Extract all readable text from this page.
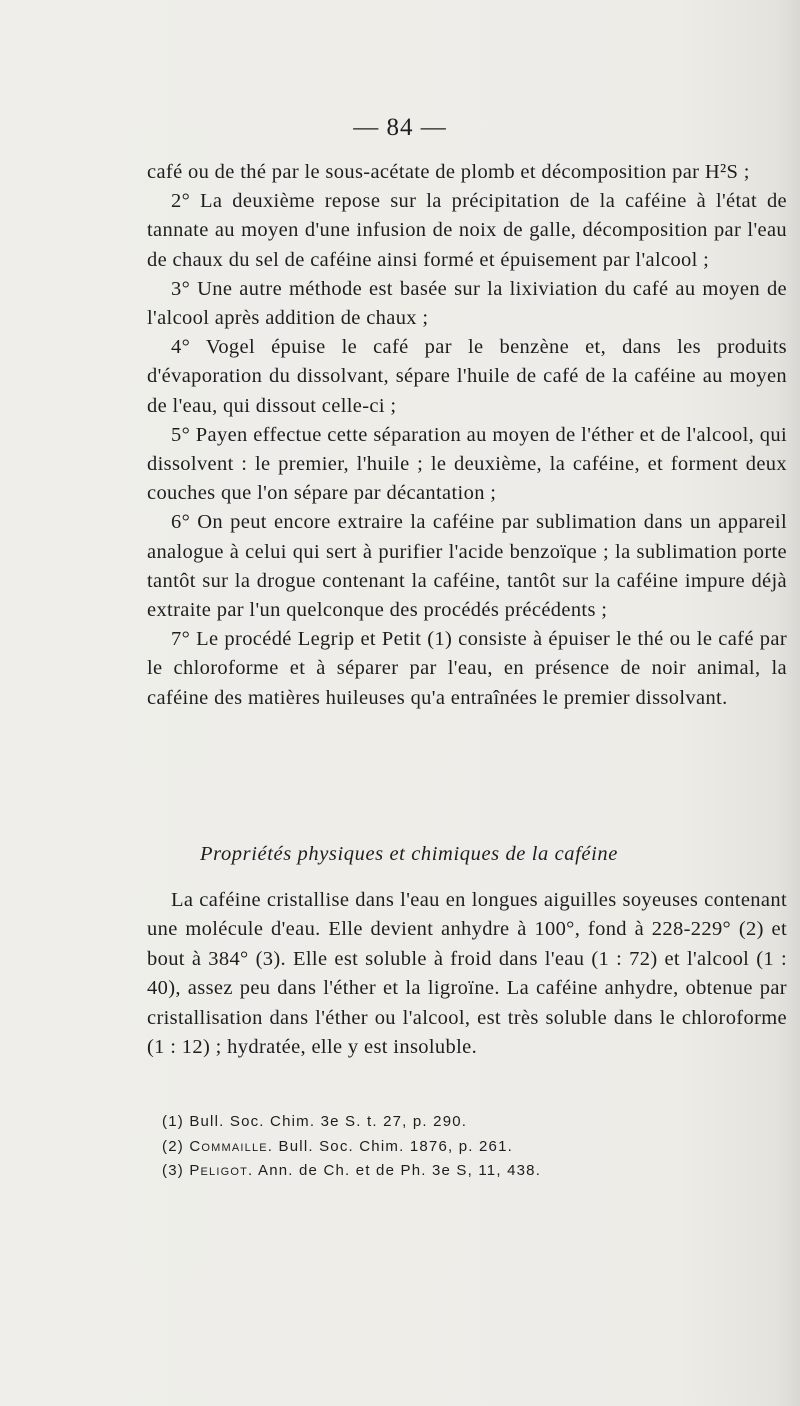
— 84 —

café ou de thé par le sous-acétate de plomb et décomposition par H²S ;

2° La deuxième repose sur la précipitation de la caféine à l'état de tannate au moyen d'une infusion de noix de galle, décomposition par l'eau de chaux du sel de caféine ainsi formé et épuisement par l'alcool ;

3° Une autre méthode est basée sur la lixiviation du café au moyen de l'alcool après addition de chaux ;

4° Vogel épuise le café par le benzène et, dans les produits d'évaporation du dissolvant, sépare l'huile de café de la caféine au moyen de l'eau, qui dissout celle-ci ;

5° Payen effectue cette séparation au moyen de l'éther et de l'alcool, qui dissolvent : le premier, l'huile ; le deuxième, la caféine, et forment deux couches que l'on sépare par décantation ;

6° On peut encore extraire la caféine par sublimation dans un appareil analogue à celui qui sert à purifier l'acide benzoïque ; la sublimation porte tantôt sur la drogue contenant la caféine, tantôt sur la caféine impure déjà extraite par l'un quelconque des procédés précédents ;

7° Le procédé Legrip et Petit (1) consiste à épuiser le thé ou le café par le chloroforme et à séparer par l'eau, en présence de noir animal, la caféine des matières huileuses qu'a entraînées le premier dissolvant.

Propriétés physiques et chimiques de la caféine

La caféine cristallise dans l'eau en longues aiguilles soyeuses contenant une molécule d'eau. Elle devient anhydre à 100°, fond à 228-229° (2) et bout à 384° (3). Elle est soluble à froid dans l'eau (1 : 72) et l'alcool (1 : 40), assez peu dans l'éther et la ligroïne. La caféine anhydre, obtenue par cristallisation dans l'éther ou l'alcool, est très soluble dans le chloroforme (1 : 12) ; hydratée, elle y est insoluble.

(1) Bull. Soc. Chim. 3e S. t. 27, p. 290.
(2) Commaille. Bull. Soc. Chim. 1876, p. 261.
(3) Peligot. Ann. de Ch. et de Ph. 3e S, 11, 438.
